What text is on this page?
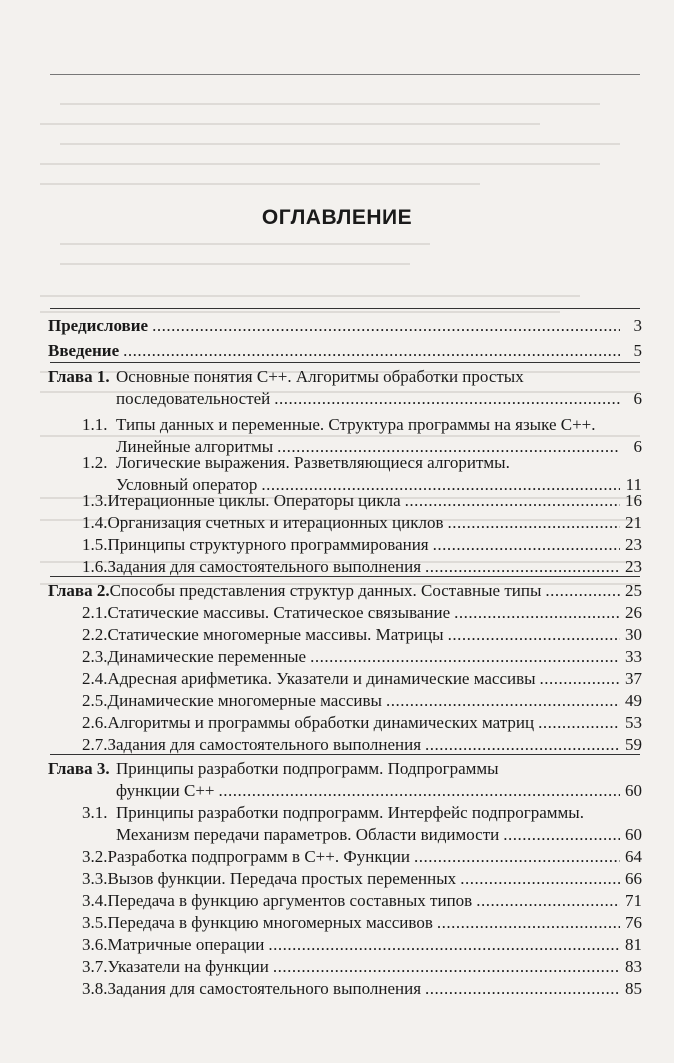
ОГЛАВЛЕНИЕ
Предисловие .....	3
Введение .....	5
Глава 1. Основные понятия С++. Алгоритмы обработки простых
последовательностей .....	6
1.1. Типы данных и переменные. Структура программы на языке С++.
Линейные алгоритмы .....	6
1.2. Логические выражения. Разветвляющиеся алгоритмы.
Условный оператор .....	11
1.3. Итерационные циклы. Операторы цикла .....	16
1.4. Организация счетных и итерационных циклов .....	21
1.5. Принципы структурного программирования .....	23
1.6. Задания для самостоятельного выполнения .....	23
Глава 2. Способы представления структур данных. Составные типы .....	25
2.1. Статические массивы. Статическое связывание .....	26
2.2. Статические многомерные массивы. Матрицы .....	30
2.3. Динамические переменные .....	33
2.4. Адресная арифметика. Указатели и динамические массивы .....	37
2.5. Динамические многомерные массивы .....	49
2.6. Алгоритмы и программы обработки динамических матриц .....	53
2.7. Задания для самостоятельного выполнения .....	59
Глава 3. Принципы разработки подпрограмм. Подпрограммы
функции С++ .....	60
3.1. Принципы разработки подпрограмм. Интерфейс подпрограммы.
Механизм передачи параметров. Области видимости .....	60
3.2. Разработка подпрограмм в С++. Функции .....	64
3.3. Вызов функции. Передача простых переменных .....	66
3.4. Передача в функцию аргументов составных типов .....	71
3.5. Передача в функцию многомерных массивов .....	76
3.6. Матричные операции .....	81
3.7. Указатели на функции .....	83
3.8. Задания для самостоятельного выполнения .....	85
